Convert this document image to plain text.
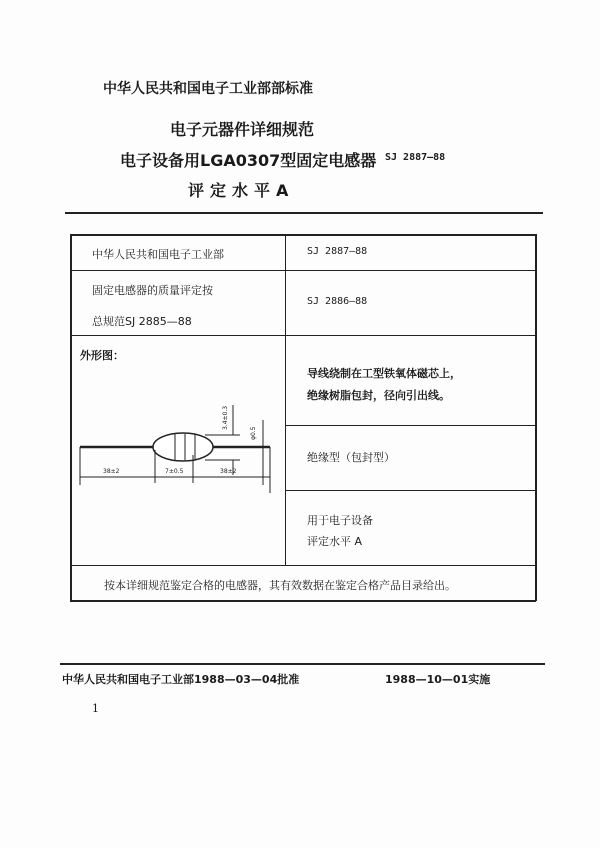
中华人民共和国电子工业部部标准
电子元器件详细规范
电子设备用LGA0307型固定电感器 SJ 2887—88
评定水平A
中华人民共和国电子工业部	SJ 2887—88
固定电感器的质量评定按
总规范SJ 2885—88
SJ 2886—88
外形图：
38±2	7±0.5	38±2
φ0.5
3.4±0.3
导线绕制在工型铁氧体磁芯上，
绝缘树脂包封，径向引出线。
绝缘型（包封型）
用于电子设备
评定水平 A
按本详细规范鉴定合格的电感器，其有效数据在鉴定合格产品目录给出。
中华人民共和国电子工业部1988—03—04批准	1988—10—01实施
1
